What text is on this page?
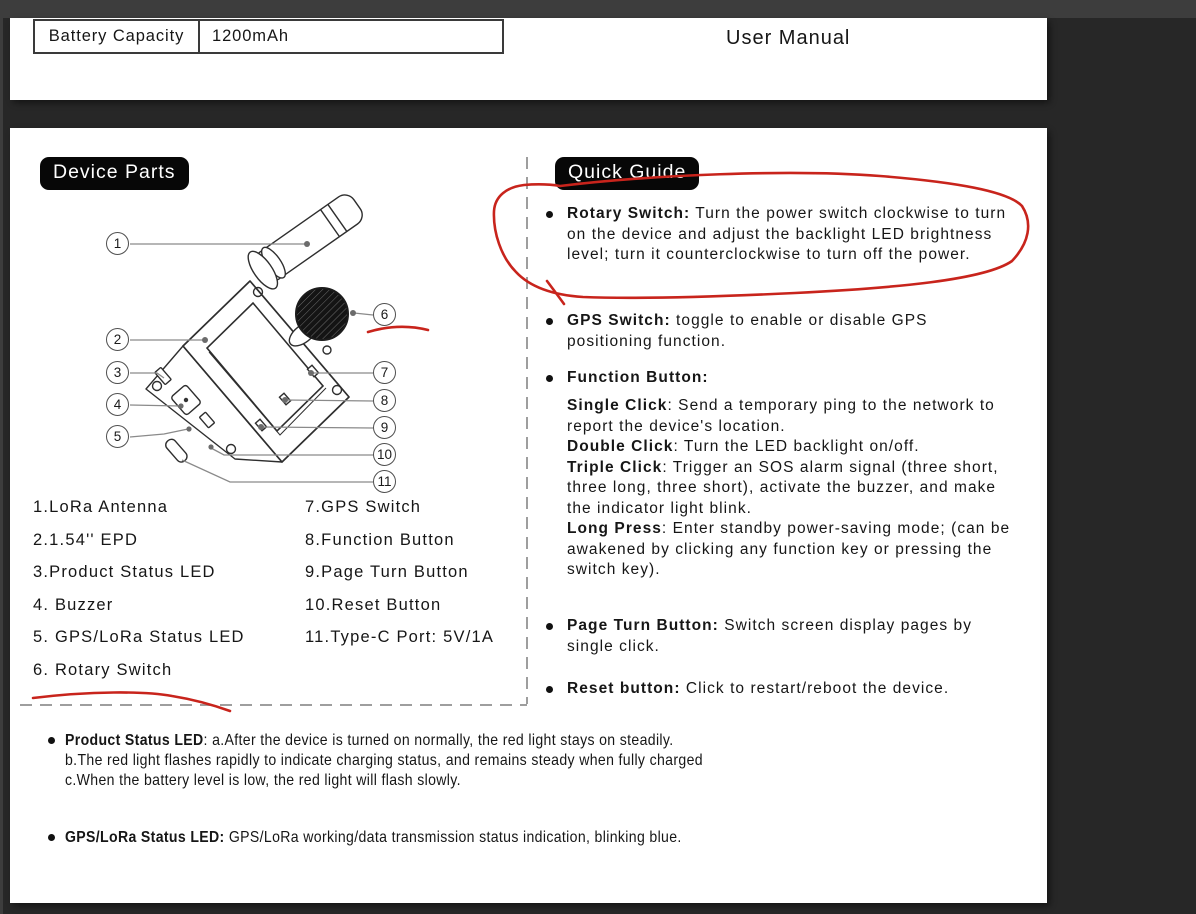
Battery Capacity	1200mAh	User Manual
1
2
3
4
5
6
7
8
9
10
11
Device Parts	Quick Guide
1.LoRa Antenna
2.1.54'' EPD
3.Product Status LED
4. Buzzer
5. GPS/LoRa Status LED
6. Rotary Switch
7.GPS Switch
8.Function Button
9.Page Turn Button
10.Reset Button
11.Type-C Port: 5V/1A
Rotary Switch: Turn the power switch clockwise to turn on the device and adjust the backlight LED brightness level; turn it counterclockwise to turn off the power.
GPS Switch: toggle to enable or disable GPS positioning function.
Function Button:
Single Click: Send a temporary ping to the network to report the device's location.
Double Click: Turn the LED backlight on/off.
Triple Click: Trigger an SOS alarm signal (three short, three long, three short), activate the buzzer, and make the indicator light blink.
Long Press: Enter standby power-saving mode; (can be awakened by clicking any function key or pressing the switch key).
Page Turn Button: Switch screen display pages by single click.
Reset button: Click to restart/reboot the device.
Product Status LED: a.After the device is turned on normally, the red light stays on steadily.
b.The red light flashes rapidly to indicate charging status, and remains steady when fully charged
c.When the battery level is low, the red light will flash slowly.
GPS/LoRa Status LED: GPS/LoRa working/data transmission status indication, blinking blue.
